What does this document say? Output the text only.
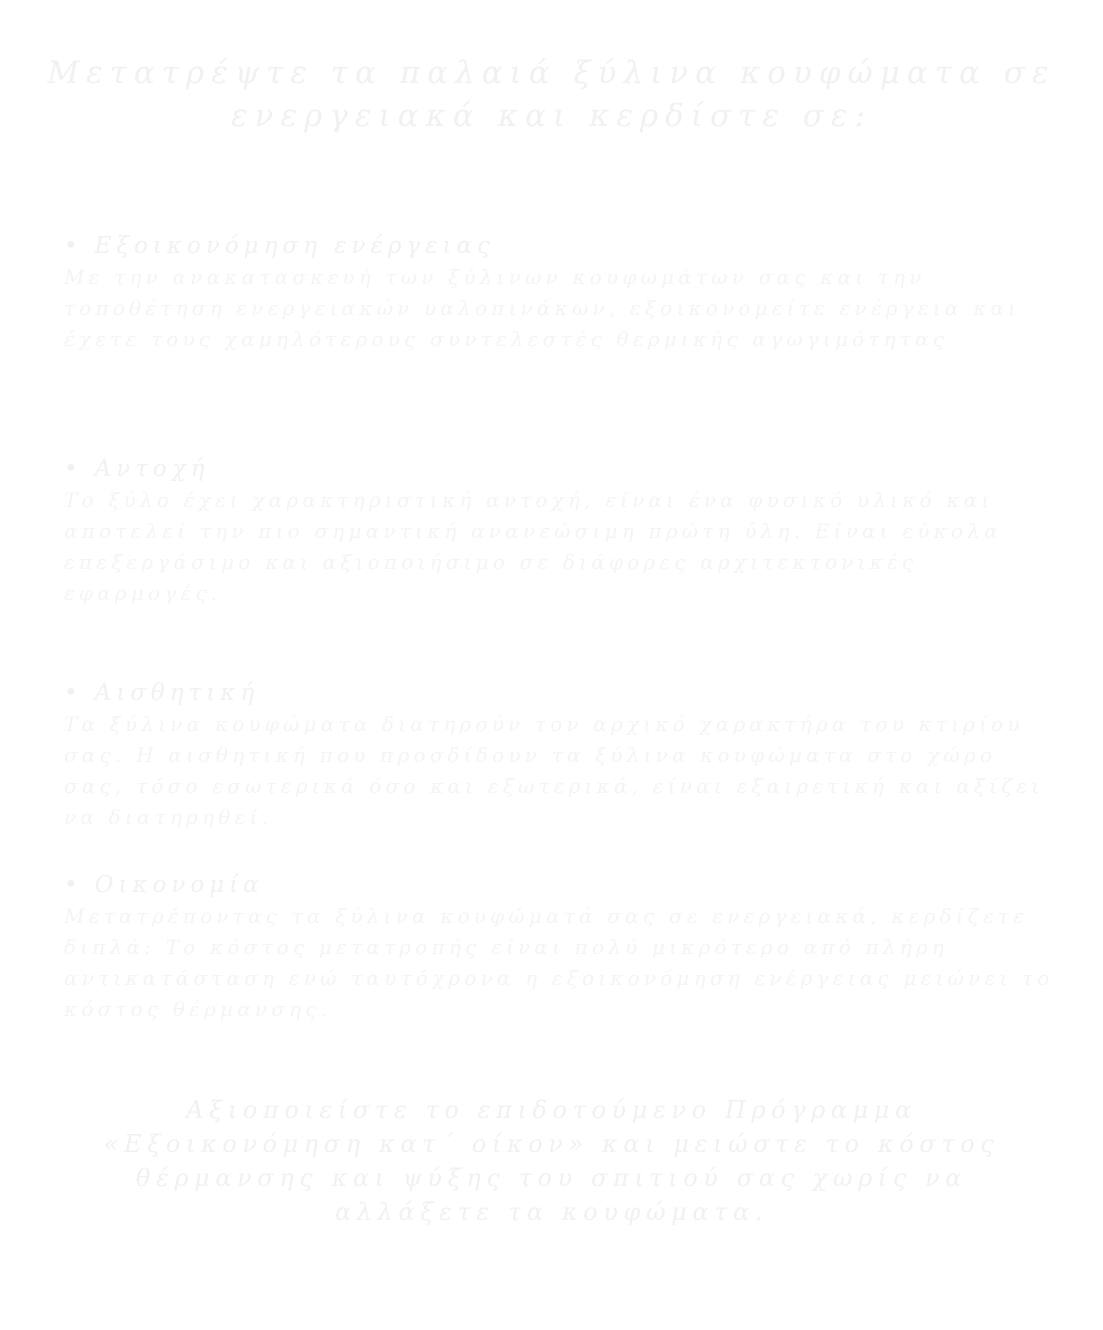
Μετατρέψτε τα παλαιά ξύλινα κουφώματα σε ενεργειακά και κερδίστε σε:
• Εξοικονόμηση ενέργειας

Με την ανακατασκευή των ξύλινων κουφωμάτων σας και την τοποθέτηση ενεργειακών υαλοπινάκων, εξοικονομείτε ενέργεια και έχετε τους χαμηλότερους συντελεστές θερμικής αγωγιμότητας

• Αντοχή

Το ξύλο έχει χαρακτηριστική αντοχή, είναι ένα φυσικό υλικό και αποτελεί την πιο σημαντική ανανεώσιμη πρώτη ύλη. Είναι εύκολα επεξεργάσιμο και αξιοποιήσιμο σε διάφορες αρχιτεκτονικές εφαρμογές.

• Αισθητική

Τα ξύλινα κουφώματα διατηρούν τον αρχικό χαρακτήρα του κτιρίου σας. Η αισθητική που προσδίδουν τα ξύλινα κουφώματα στο χώρο σας, τόσο εσωτερικά όσο και εξωτερικά, είναι εξαιρετική και αξίζει να διατηρηθεί.

• Οικονομία

Μετατρέποντας τα ξύλινα κουφώματά σας σε ενεργειακά, κερδίζετε διπλά: Το κόστος μετατροπής είναι πολύ μικρότερο από πλήρη αντικατάσταση ενώ ταυτόχρονα η εξοικονόμηση ενέργειας μειώνει το κόστος θέρμανσης.

Αξιοποιείστε το επιδοτούμενο Πρόγραμμα «Εξοικονόμηση κατ΄ οίκον» και μειώστε το κόστος θέρμανσης και ψύξης του σπιτιού σας χωρίς να αλλάξετε τα κουφώματα.
